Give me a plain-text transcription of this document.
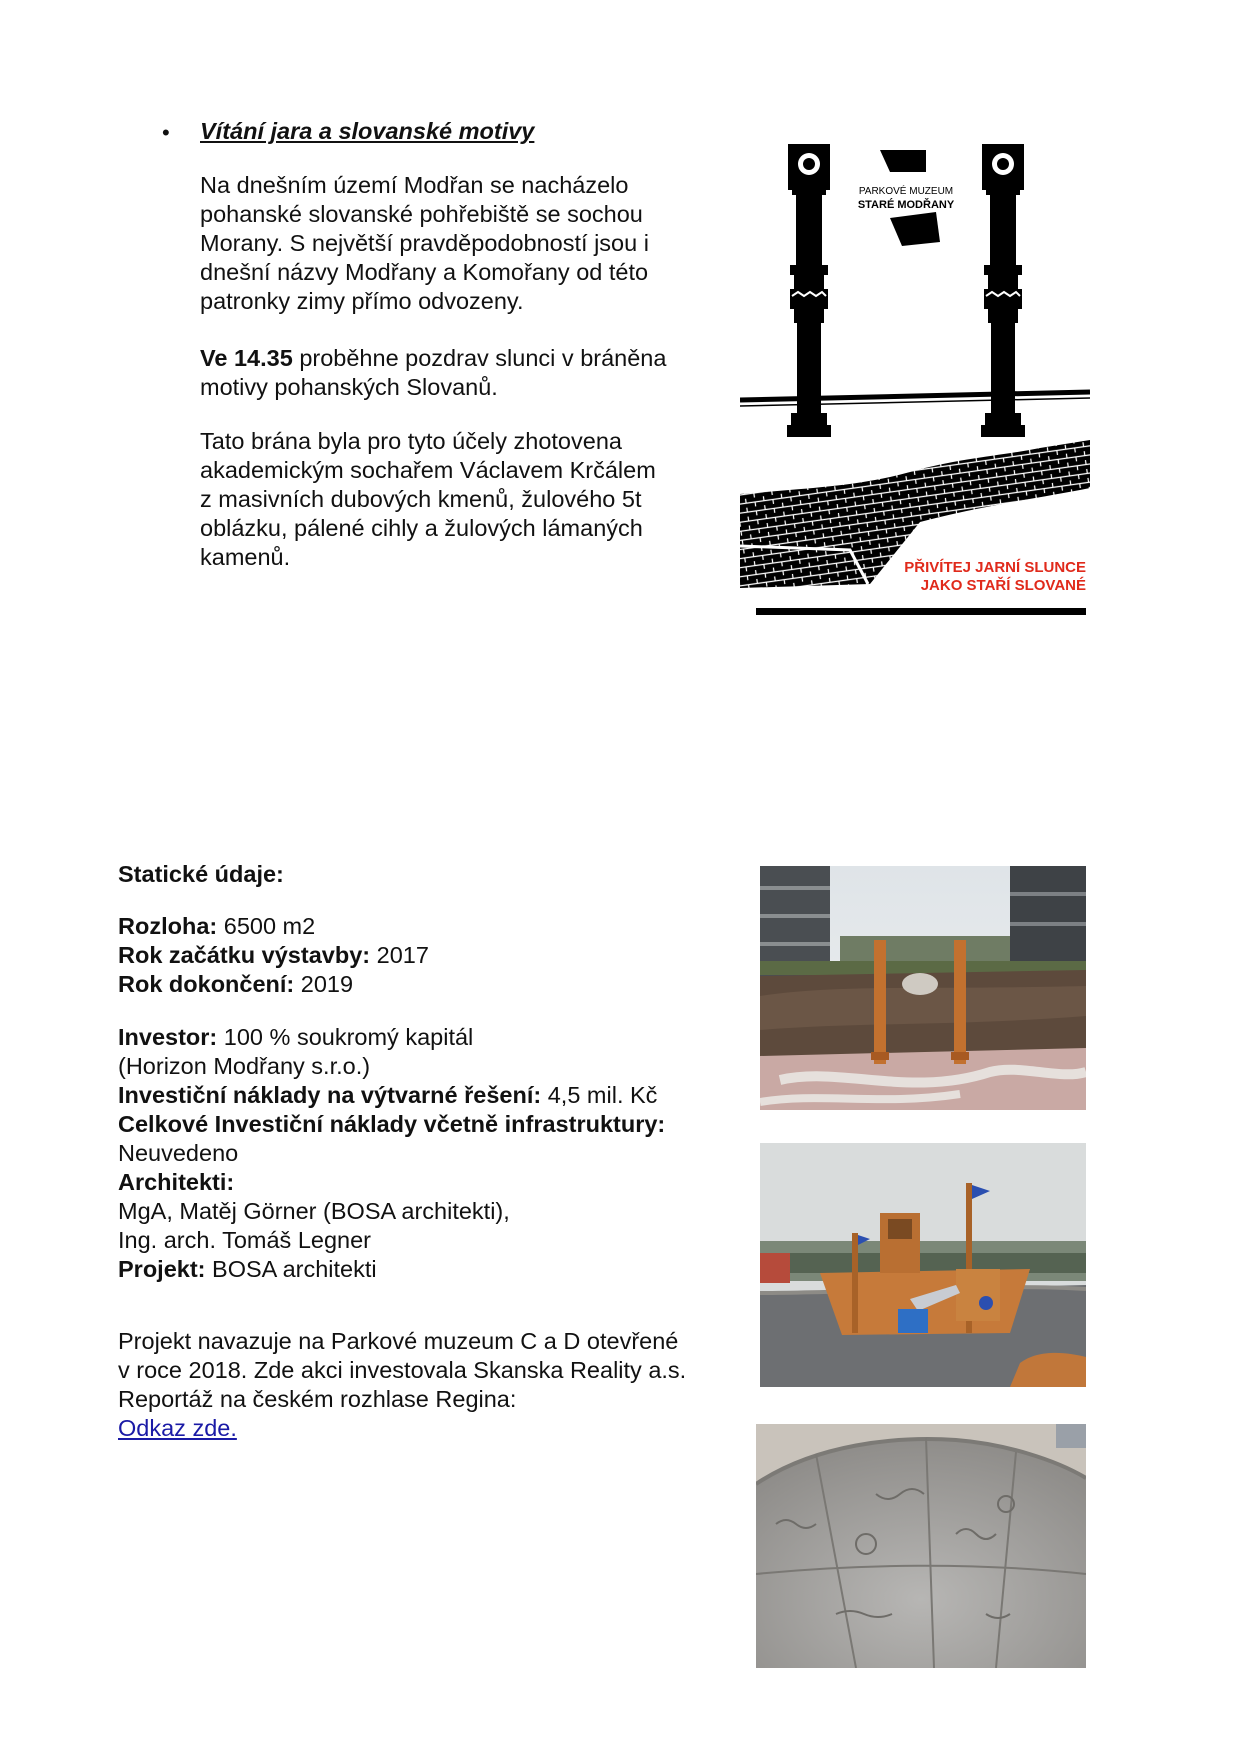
• Vítání jara a slovanské motivy

Na dnešním území Modřan se nacházelo

pohanské slovanské pohřebiště se sochou

Morany. S největší pravděpodobností jsou i

dnešní názvy Modřany a Komořany od této

patronky zimy přímo odvozeny.

Ve 14.35 proběhne pozdrav slunci v bráněna

motivy pohanských Slovanů.

Tato brána byla pro tyto účely zhotovena

akademickým sochařem Václavem Krčálem

z masivních dubových kmenů, žulového 5t

oblázku, pálené cihly a žulových lámaných

kamenů.

PARKOVÉ MUZEUM
STARÉ MODŘANY
PŘIVÍTEJ JARNÍ SLUNCE
JAKO STAŘÍ SLOVANÉ
Statické údaje:

Rozloha: 6500 m2

Rok začátku výstavby: 2017

Rok dokončení: 2019

Investor: 100 % soukromý kapitál

(Horizon Modřany s.r.o.)

Investiční náklady na výtvarné řešení: 4,5 mil. Kč

Celkové Investiční náklady včetně infrastruktury:

Neuvedeno

Architekti:

MgA, Matěj Görner (BOSA architekti),

Ing. arch. Tomáš Legner

Projekt: BOSA architekti

Projekt navazuje na Parkové muzeum C a D otevřené

v roce 2018. Zde akci investovala Skanska Reality a.s.

Reportáž na českém rozhlase Regina:

Odkaz zde.
